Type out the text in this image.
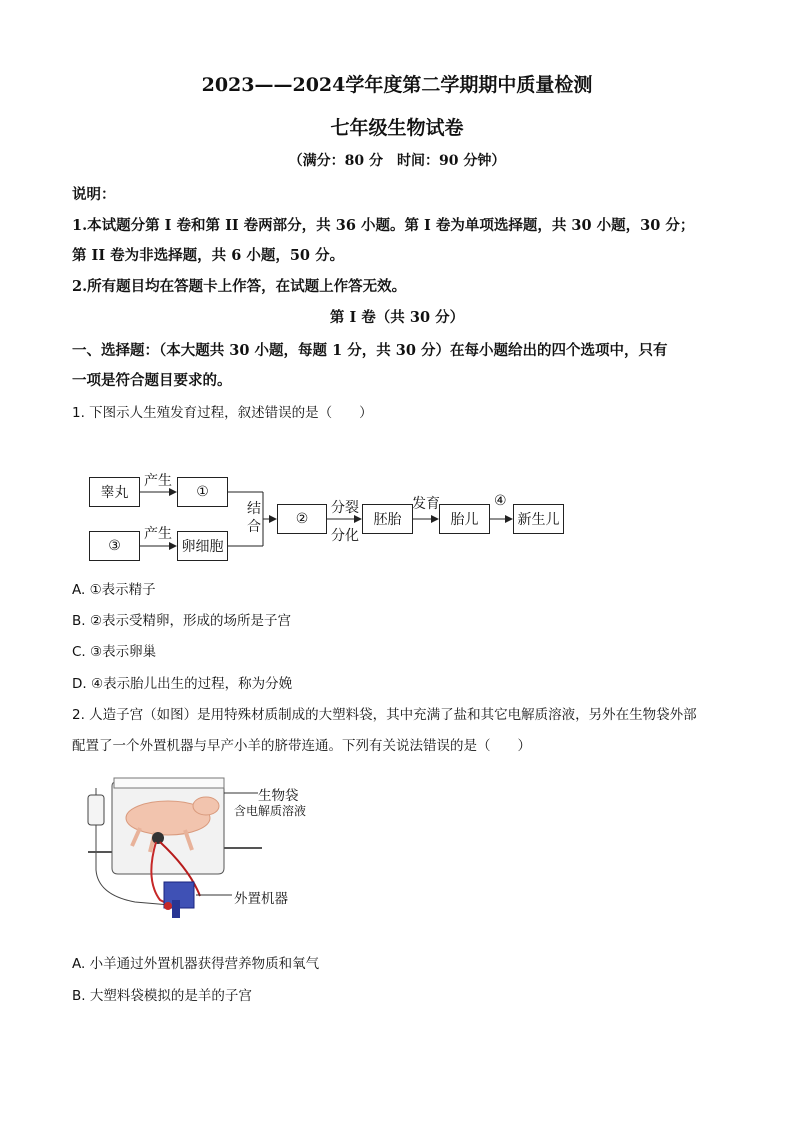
2023——2024学年度第二学期期中质量检测
七年级生物试卷
（满分：80 分　时间：90 分钟）
说明：
1.本试题分第 I 卷和第 II 卷两部分，共 36 小题。第 I 卷为单项选择题，共 30 小题，30 分；
第 II 卷为非选择题，共 6 小题，50 分。
2.所有题目均在答题卡上作答，在试题上作答无效。
第 I 卷（共 30 分）
一、选择题：（本大题共 30 小题，每题 1 分，共 30 分）在每小题给出的四个选项中，只有
一项是符合题目要求的。
1. 下图示人生殖发育过程，叙述错误的是（　　）
睾丸	①
③	卵细胞
②	胚胎	胎儿	新生儿
产生
产生
结
合
分裂
分化
发育	④
A. ①表示精子
B. ②表示受精卵，形成的场所是子宫
C. ③表示卵巢
D. ④表示胎儿出生的过程，称为分娩
2. 人造子宫（如图）是用特殊材质制成的大塑料袋，其中充满了盐和其它电解质溶液，另外在生物袋外部
配置了一个外置机器与早产小羊的脐带连通。下列有关说法错误的是（　　）
生物袋
含电解质溶液
外置机器
A. 小羊通过外置机器获得营养物质和氧气
B. 大塑料袋模拟的是羊的子宫
